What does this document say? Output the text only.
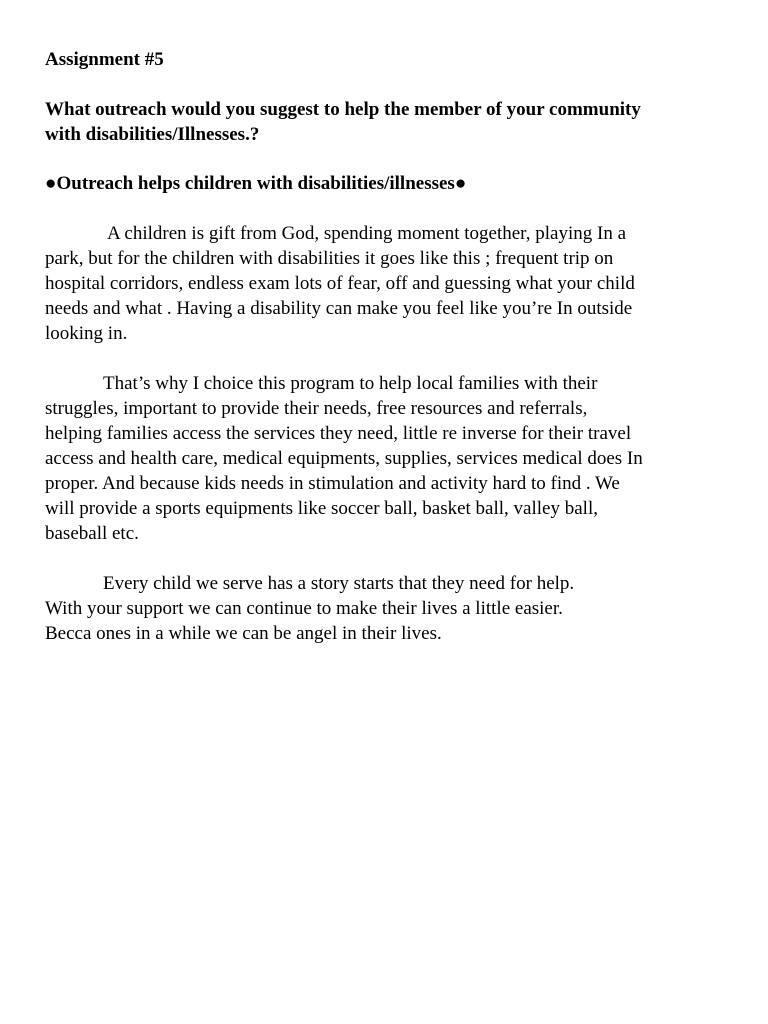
Assignment #5

What outreach would you suggest to help the member of your community

with disabilities/Illnesses.?

●Outreach helps children with disabilities/illnesses●

A children is gift from God, spending moment together, playing In a

park, but for the children with disabilities it goes like this ; frequent trip on

hospital corridors, endless exam lots of fear, off and guessing what your child

needs and what . Having a disability can make you feel like you’re In outside

looking in.

That’s why I choice this program to help local families with their

struggles, important to provide their needs, free resources and referrals,

helping families access the services they need, little re inverse for their travel

access and health care, medical equipments, supplies, services medical does In

proper. And because kids needs in stimulation and activity hard to find . We

will provide a sports equipments like soccer ball, basket ball, valley ball,

baseball etc.

Every child we serve has a story starts that they need for help.

With your support we can continue to make their lives a little easier.

Becca ones in a while we can be angel in their lives.
